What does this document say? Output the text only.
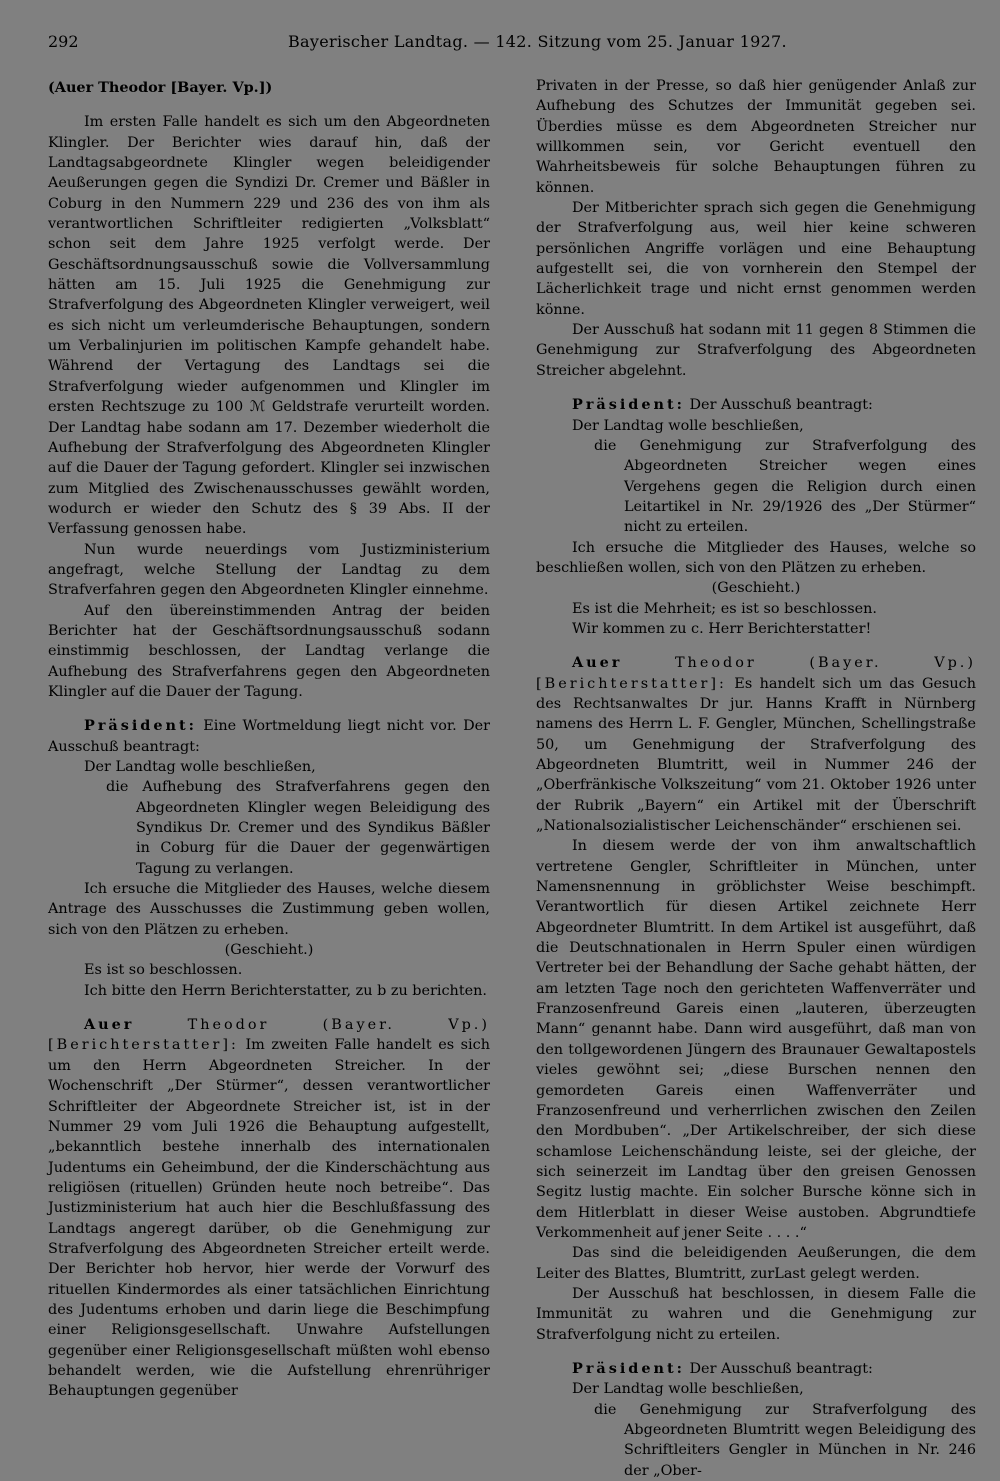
292	Bayerischer Landtag. — 142. Sitzung vom 25. Januar 1927.

(Auer Theodor [Bayer. Vp.])

Im ersten Falle handelt es sich um den Abgeordneten Klingler. Der Berichter wies darauf hin, daß der Landtagsabgeordnete Klingler wegen beleidigender Aeußerungen gegen die Syndizi Dr. Cremer und Bäßler in Coburg in den Nummern 229 und 236 des von ihm als verantwortlichen Schriftleiter redigierten „Volksblatt“ schon seit dem Jahre 1925 verfolgt werde. Der Geschäftsordnungsausschuß sowie die Vollversammlung hätten am 15. Juli 1925 die Genehmigung zur Strafverfolgung des Abgeordneten Klingler verweigert, weil es sich nicht um verleumderische Behauptungen, sondern um Verbalinjurien im politischen Kampfe gehandelt habe. Während der Vertagung des Landtags sei die Strafverfolgung wieder aufgenommen und Klingler im ersten Rechtszuge zu 100 ℳ Geldstrafe verurteilt worden. Der Landtag habe sodann am 17. Dezember wiederholt die Aufhebung der Strafverfolgung des Abgeordneten Klingler auf die Dauer der Tagung gefordert. Klingler sei inzwischen zum Mitglied des Zwischenausschusses gewählt worden, wodurch er wieder den Schutz des § 39 Abs. II der Verfassung genossen habe.

Nun wurde neuerdings vom Justizministerium angefragt, welche Stellung der Landtag zu dem Strafverfahren gegen den Abgeordneten Klingler einnehme.

Auf den übereinstimmenden Antrag der beiden Berichter hat der Geschäftsordnungsausschuß sodann einstimmig beschlossen, der Landtag verlange die Aufhebung des Strafverfahrens gegen den Abgeordneten Klingler auf die Dauer der Tagung.

Präsident: Eine Wortmeldung liegt nicht vor. Der Ausschuß beantragt:

Der Landtag wolle beschließen,

die Aufhebung des Strafverfahrens gegen den Abgeordneten Klingler wegen Beleidigung des Syndikus Dr. Cremer und des Syndikus Bäßler in Coburg für die Dauer der gegenwärtigen Tagung zu verlangen.

Ich ersuche die Mitglieder des Hauses, welche diesem Antrage des Ausschusses die Zustimmung geben wollen, sich von den Plätzen zu erheben.

(Geschieht.)

Es ist so beschlossen.

Ich bitte den Herrn Berichterstatter, zu b zu berichten.

Auer Theodor (Bayer. Vp.) [Berichterstatter]: Im zweiten Falle handelt es sich um den Herrn Abgeordneten Streicher. In der Wochenschrift „Der Stürmer“, dessen verantwortlicher Schriftleiter der Abgeordnete Streicher ist, ist in der Nummer 29 vom Juli 1926 die Behauptung aufgestellt, „bekanntlich bestehe innerhalb des internationalen Judentums ein Geheimbund, der die Kinderschächtung aus religiösen (rituellen) Gründen heute noch betreibe“. Das Justizministerium hat auch hier die Beschlußfassung des Landtags angeregt darüber, ob die Genehmigung zur Strafverfolgung des Abgeordneten Streicher erteilt werde. Der Berichter hob hervor, hier werde der Vorwurf des rituellen Kindermordes als einer tatsächlichen Einrichtung des Judentums erhoben und darin liege die Beschimpfung einer Religionsgesellschaft. Unwahre Aufstellungen gegenüber einer Religionsgesellschaft müßten wohl ebenso behandelt werden, wie die Aufstellung ehrenrühriger Behauptungen gegenüber

Privaten in der Presse, so daß hier genügender Anlaß zur Aufhebung des Schutzes der Immunität gegeben sei. Überdies müsse es dem Abgeordneten Streicher nur willkommen sein, vor Gericht eventuell den Wahrheitsbeweis für solche Behauptungen führen zu können.

Der Mitberichter sprach sich gegen die Genehmigung der Strafverfolgung aus, weil hier keine schweren persönlichen Angriffe vorlägen und eine Behauptung aufgestellt sei, die von vornherein den Stempel der Lächerlichkeit trage und nicht ernst genommen werden könne.

Der Ausschuß hat sodann mit 11 gegen 8 Stimmen die Genehmigung zur Strafverfolgung des Abgeordneten Streicher abgelehnt.

Präsident: Der Ausschuß beantragt:

Der Landtag wolle beschließen,

die Genehmigung zur Strafverfolgung des Abgeordneten Streicher wegen eines Vergehens gegen die Religion durch einen Leitartikel in Nr. 29/1926 des „Der Stürmer“ nicht zu erteilen.

Ich ersuche die Mitglieder des Hauses, welche so beschließen wollen, sich von den Plätzen zu erheben.

(Geschieht.)

Es ist die Mehrheit; es ist so beschlossen.

Wir kommen zu c. Herr Berichterstatter!

Auer Theodor (Bayer. Vp.) [Berichterstatter]: Es handelt sich um das Gesuch des Rechtsanwaltes Dr jur. Hanns Krafft in Nürnberg namens des Herrn L. F. Gengler, München, Schellingstraße 50, um Genehmigung der Strafverfolgung des Abgeordneten Blumtritt, weil in Nummer 246 der „Oberfränkische Volkszeitung“ vom 21. Oktober 1926 unter der Rubrik „Bayern“ ein Artikel mit der Überschrift „Nationalsozialistischer Leichenschänder“ erschienen sei.

In diesem werde der von ihm anwaltschaftlich vertretene Gengler, Schriftleiter in München, unter Namensnennung in gröblichster Weise beschimpft. Verantwortlich für diesen Artikel zeichnete Herr Abgeordneter Blumtritt. In dem Artikel ist ausgeführt, daß die Deutschnationalen in Herrn Spuler einen würdigen Vertreter bei der Behandlung der Sache gehabt hätten, der am letzten Tage noch den gerichteten Waffenverräter und Franzosenfreund Gareis einen „lauteren, überzeugten Mann“ genannt habe. Dann wird ausgeführt, daß man von den tollgewordenen Jüngern des Braunauer Gewaltapostels vieles gewöhnt sei; „diese Burschen nennen den gemordeten Gareis einen Waffenverräter und Franzosenfreund und verherrlichen zwischen den Zeilen den Mordbuben“. „Der Artikelschreiber, der sich diese schamlose Leichenschändung leiste, sei der gleiche, der sich seinerzeit im Landtag über den greisen Genossen Segitz lustig machte. Ein solcher Bursche könne sich in dem Hitlerblatt in dieser Weise austoben. Abgrundtiefe Verkommenheit auf jener Seite . . . .“

Das sind die beleidigenden Aeußerungen, die dem Leiter des Blattes, Blumtritt, zurLast gelegt werden.

Der Ausschuß hat beschlossen, in diesem Falle die Immunität zu wahren und die Genehmigung zur Strafverfolgung nicht zu erteilen.

Präsident: Der Ausschuß beantragt:

Der Landtag wolle beschließen,

die Genehmigung zur Strafverfolgung des Abgeordneten Blumtritt wegen Beleidigung des Schriftleiters Gengler in München in Nr. 246 der „Ober-
